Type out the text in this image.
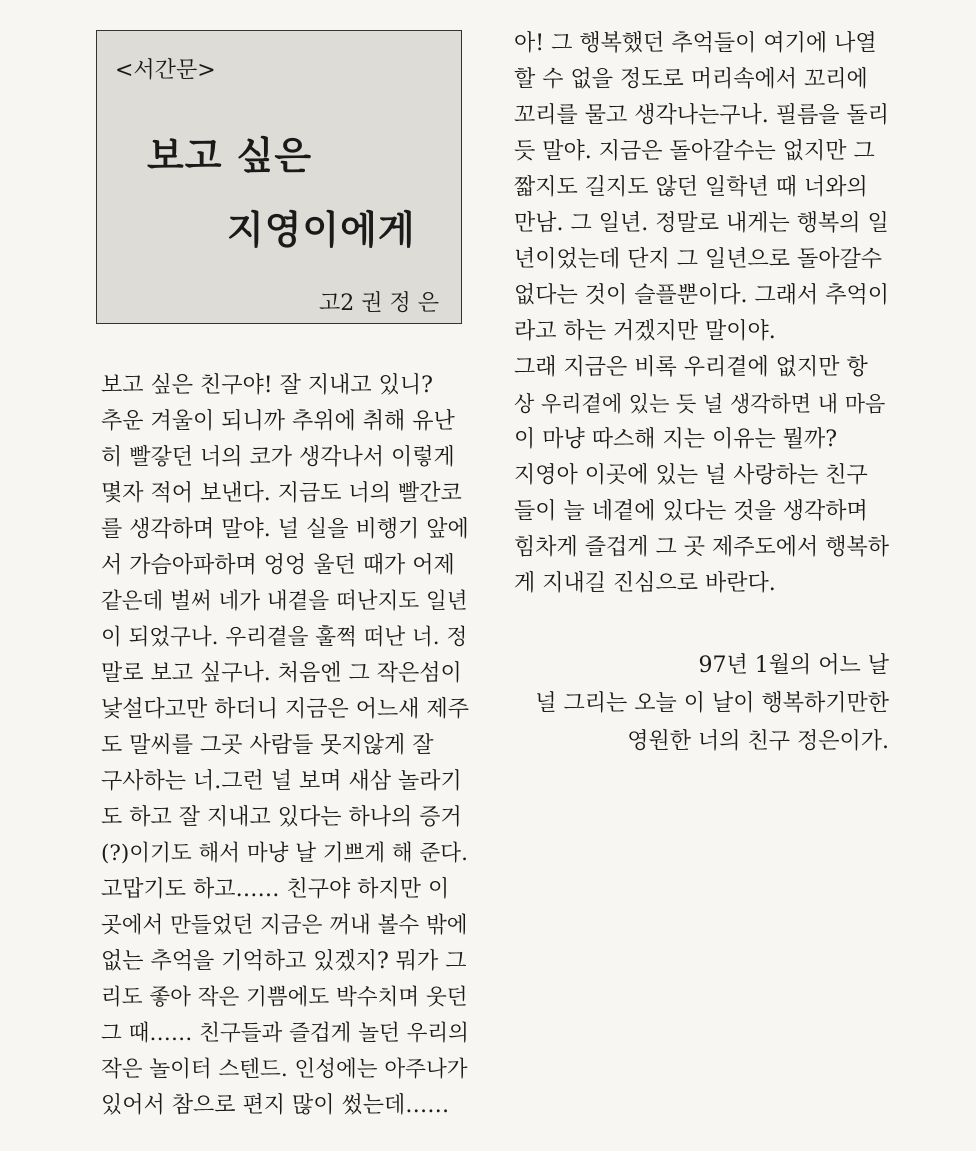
<서간문>
보고 싶은
지영이에게
고2 권 정 은
보고 싶은 친구야! 잘 지내고 있니?
추운 겨울이 되니까 추위에 취해 유난
히 빨갛던 너의 코가 생각나서 이렇게
몇자 적어 보낸다. 지금도 너의 빨간코
를 생각하며 말야. 널 실을 비행기 앞에
서 가슴아파하며 엉엉 울던 때가 어제
같은데 벌써 네가 내곁을 떠난지도 일년
이 되었구나. 우리곁을 훌쩍 떠난 너. 정
말로 보고 싶구나. 처음엔 그 작은섬이
낯설다고만 하더니 지금은 어느새 제주
도 말씨를 그곳 사람들 못지않게 잘
구사하는 너.그런 널 보며 새삼 놀라기
도 하고 잘 지내고 있다는 하나의 증거
(?)이기도 해서 마냥 날 기쁘게 해 준다.
고맙기도 하고…… 친구야 하지만 이
곳에서 만들었던 지금은 꺼내 볼수 밖에
없는 추억을 기억하고 있겠지? 뭐가 그
리도 좋아 작은 기쁨에도 박수치며 웃던
그 때…… 친구들과 즐겁게 놀던 우리의
작은 놀이터 스텐드. 인성에는 아주나가
있어서 참으로 편지 많이 썼는데……
아! 그 행복했던 추억들이 여기에 나열
할 수 없을 정도로 머리속에서 꼬리에
꼬리를 물고 생각나는구나. 필름을 돌리
듯 말야. 지금은 돌아갈수는 없지만 그
짧지도 길지도 않던 일학년 때 너와의
만남. 그 일년. 정말로 내게는 행복의 일
년이었는데 단지 그 일년으로 돌아갈수
없다는 것이 슬플뿐이다. 그래서 추억이
라고 하는 거겠지만 말이야.
그래 지금은 비록 우리곁에 없지만 항
상 우리곁에 있는 듯 널 생각하면 내 마음
이 마냥 따스해 지는 이유는 뭘까?
지영아 이곳에 있는 널 사랑하는 친구
들이 늘 네곁에 있다는 것을 생각하며
힘차게 즐겁게 그 곳 제주도에서 행복하
게 지내길 진심으로 바란다.
97년 1월의 어느 날
널 그리는 오늘 이 날이 행복하기만한
영원한 너의 친구 정은이가.
